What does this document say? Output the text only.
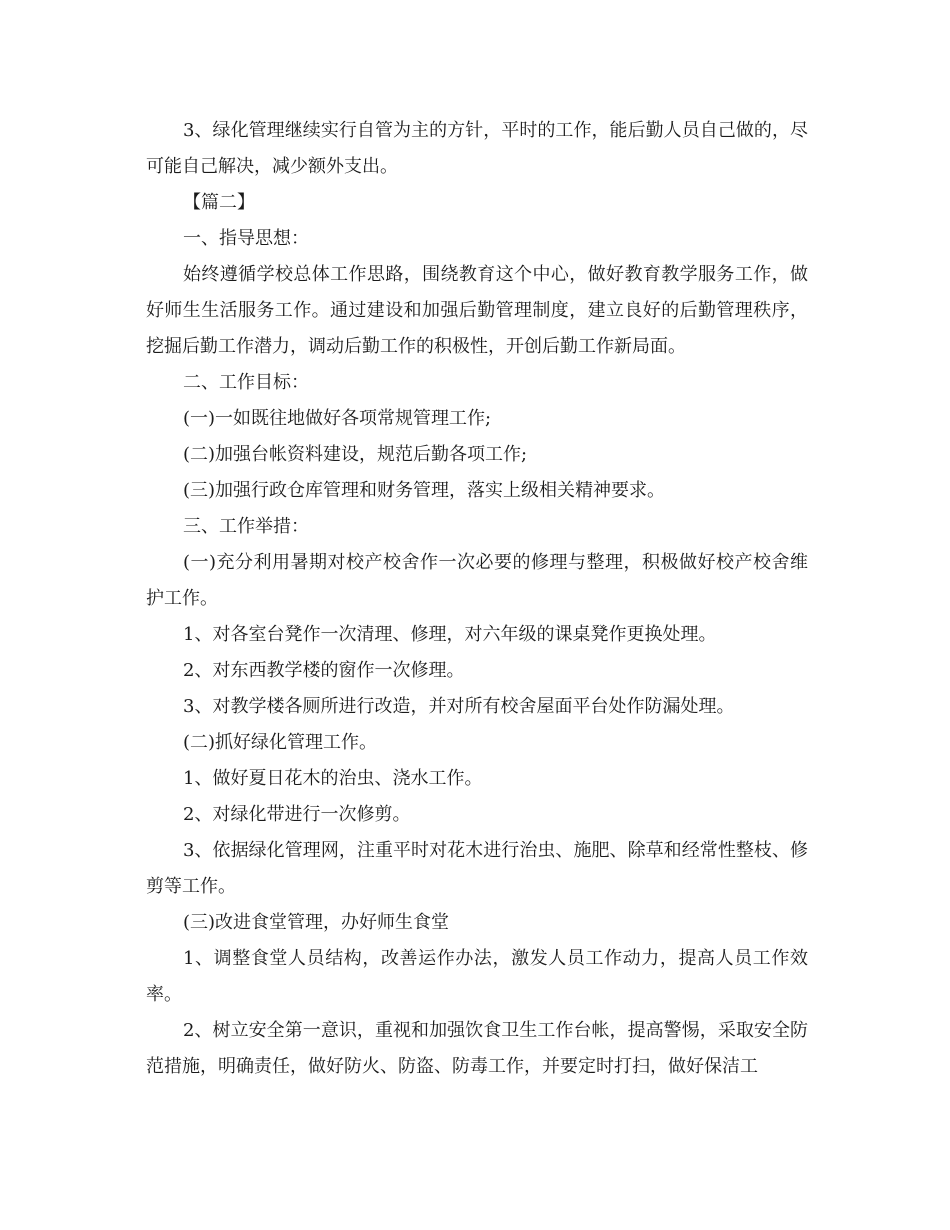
3、绿化管理继续实行自管为主的方针，平时的工作，能后勤人员自己做的，尽可能自己解决，减少额外支出。

【篇二】

一、指导思想：

始终遵循学校总体工作思路，围绕教育这个中心，做好教育教学服务工作，做好师生生活服务工作。通过建设和加强后勤管理制度，建立良好的后勤管理秩序，挖掘后勤工作潜力，调动后勤工作的积极性，开创后勤工作新局面。

二、工作目标：

(一)一如既往地做好各项常规管理工作;

(二)加强台帐资料建设，规范后勤各项工作;

(三)加强行政仓库管理和财务管理，落实上级相关精神要求。

三、工作举措：

(一)充分利用暑期对校产校舍作一次必要的修理与整理，积极做好校产校舍维护工作。

1、对各室台凳作一次清理、修理，对六年级的课桌凳作更换处理。

2、对东西教学楼的窗作一次修理。

3、对教学楼各厕所进行改造，并对所有校舍屋面平台处作防漏处理。

(二)抓好绿化管理工作。

1、做好夏日花木的治虫、浇水工作。

2、对绿化带进行一次修剪。

3、依据绿化管理网，注重平时对花木进行治虫、施肥、除草和经常性整枝、修剪等工作。

(三)改进食堂管理，办好师生食堂

1、调整食堂人员结构，改善运作办法，激发人员工作动力，提高人员工作效率。

2、树立安全第一意识，重视和加强饮食卫生工作台帐，提高警惕，采取安全防范措施，明确责任，做好防火、防盗、防毒工作，并要定时打扫，做好保洁工
